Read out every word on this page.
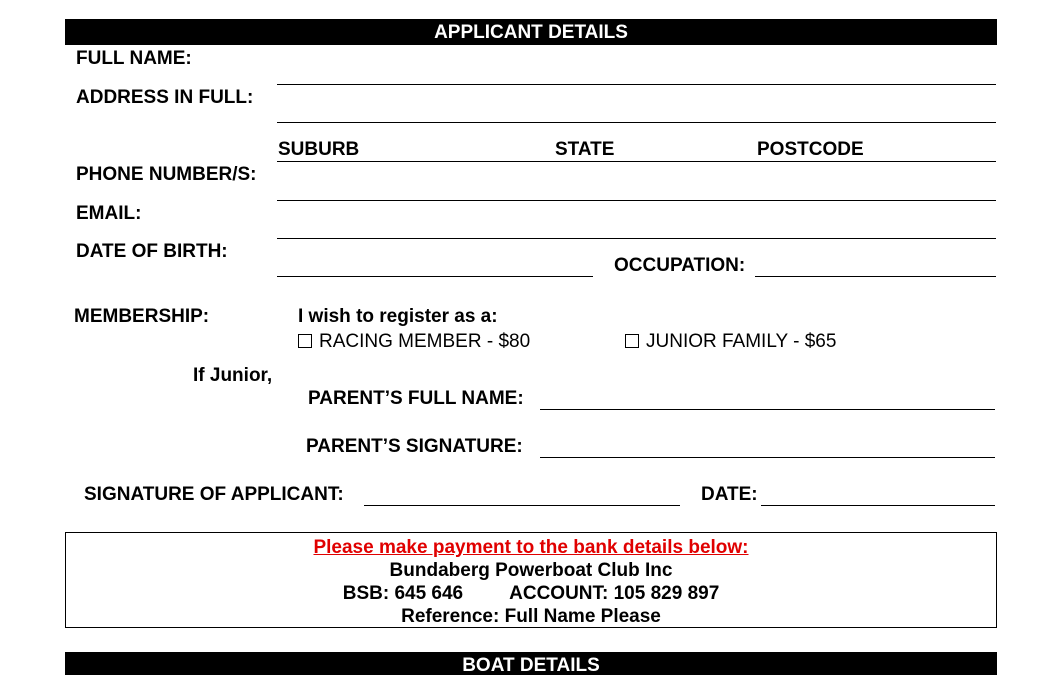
APPLICANT DETAILS
FULL NAME:
ADDRESS IN FULL:
SUBURB	STATE	POSTCODE
PHONE NUMBER/S:
EMAIL:
DATE OF BIRTH:
OCCUPATION:
MEMBERSHIP:	I wish to register as a:
RACING MEMBER - $80	JUNIOR FAMILY - $65
If Junior,
PARENT’S FULL NAME:
PARENT’S SIGNATURE:
SIGNATURE OF APPLICANT:	DATE:
Please make payment to the bank details below:
Bundaberg Powerboat Club Inc
BSB: 645 646 ACCOUNT: 105 829 897
Reference: Full Name Please
BOAT DETAILS
